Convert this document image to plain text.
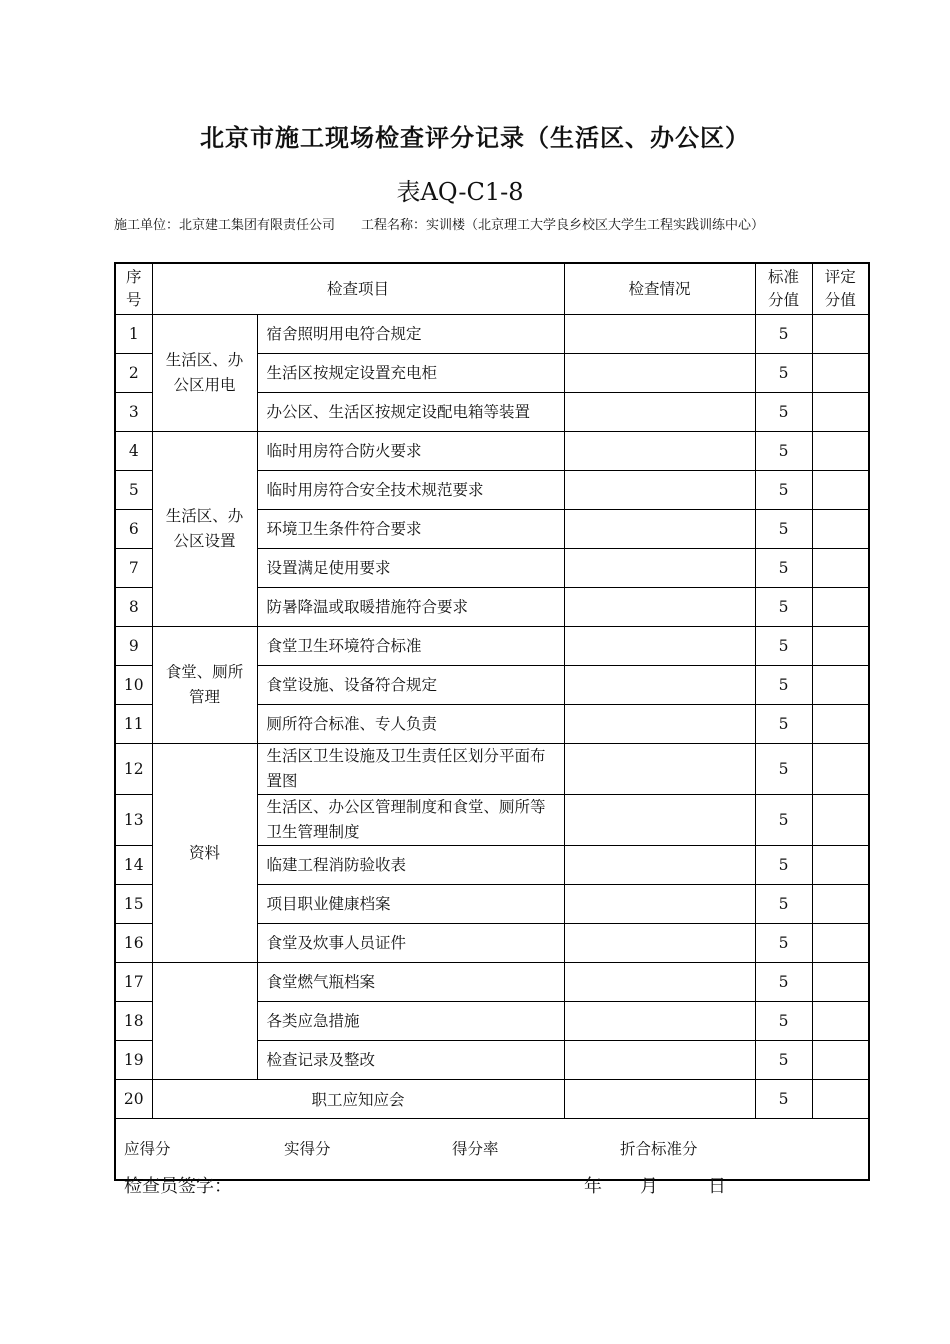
北京市施工现场检查评分记录（生活区、办公区）
表AQ-C1-8
施工单位：北京建工集团有限责任公司　　工程名称：实训楼（北京理工大学良乡校区大学生工程实践训练中心）
序号	检查项目		检查情况	标准分值	评定分值

1	生活区、办公区用电	宿舍照明用电符合规定		5	
2		生活区按规定设置充电柜		5	
3		办公区、生活区按规定设配电箱等装置		5	
4	生活区、办公区设置	临时用房符合防火要求		5	
5		临时用房符合安全技术规范要求		5	
6		环境卫生条件符合要求		5	
7		设置满足使用要求		5	
8		防暑降温或取暖措施符合要求		5	
9	食堂、厕所管理	食堂卫生环境符合标准		5	
10		食堂设施、设备符合规定		5	
11		厕所符合标准、专人负责		5	
12	资料	生活区卫生设施及卫生责任区划分平面布置图		5	
13		生活区、办公区管理制度和食堂、厕所等卫生管理制度		5	
14		临建工程消防验收表		5	
15		项目职业健康档案		5	
16		食堂及炊事人员证件		5	
17		食堂燃气瓶档案		5	
18		各类应急措施		5	
19		检查记录及整改		5	
20	职工应知应会			5	

应得分 实得分 得分率 折合标准分					
检查员签字：	年 月	日
